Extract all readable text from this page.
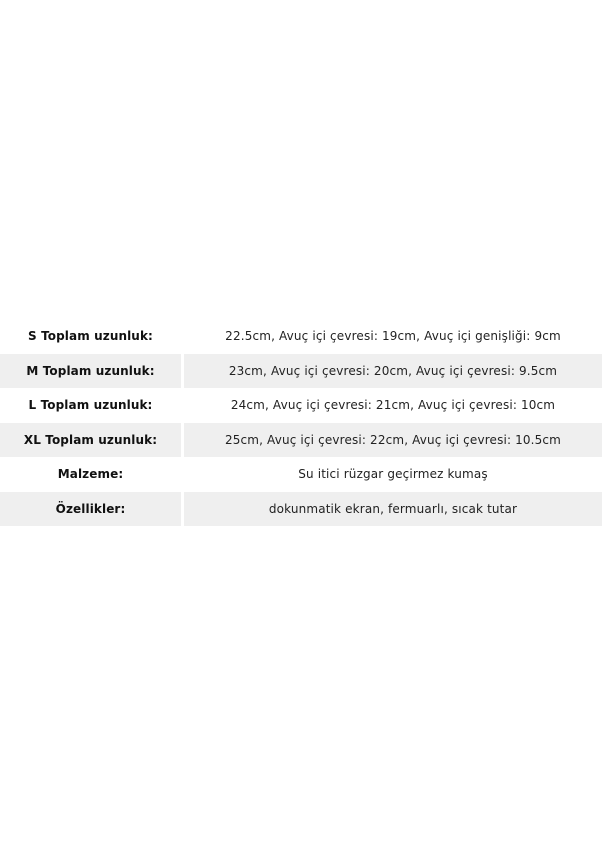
S Toplam uzunluk:	22.5cm, Avuç içi çevresi: 19cm, Avuç içi genişliği: 9cm
M Toplam uzunluk:	23cm, Avuç içi çevresi: 20cm, Avuç içi çevresi: 9.5cm
L Toplam uzunluk:	24cm, Avuç içi çevresi: 21cm, Avuç içi çevresi: 10cm
XL Toplam uzunluk:	25cm, Avuç içi çevresi: 22cm, Avuç içi çevresi: 10.5cm
Malzeme:	Su itici rüzgar geçirmez kumaş
Özellikler:	dokunmatik ekran, fermuarlı, sıcak tutar
